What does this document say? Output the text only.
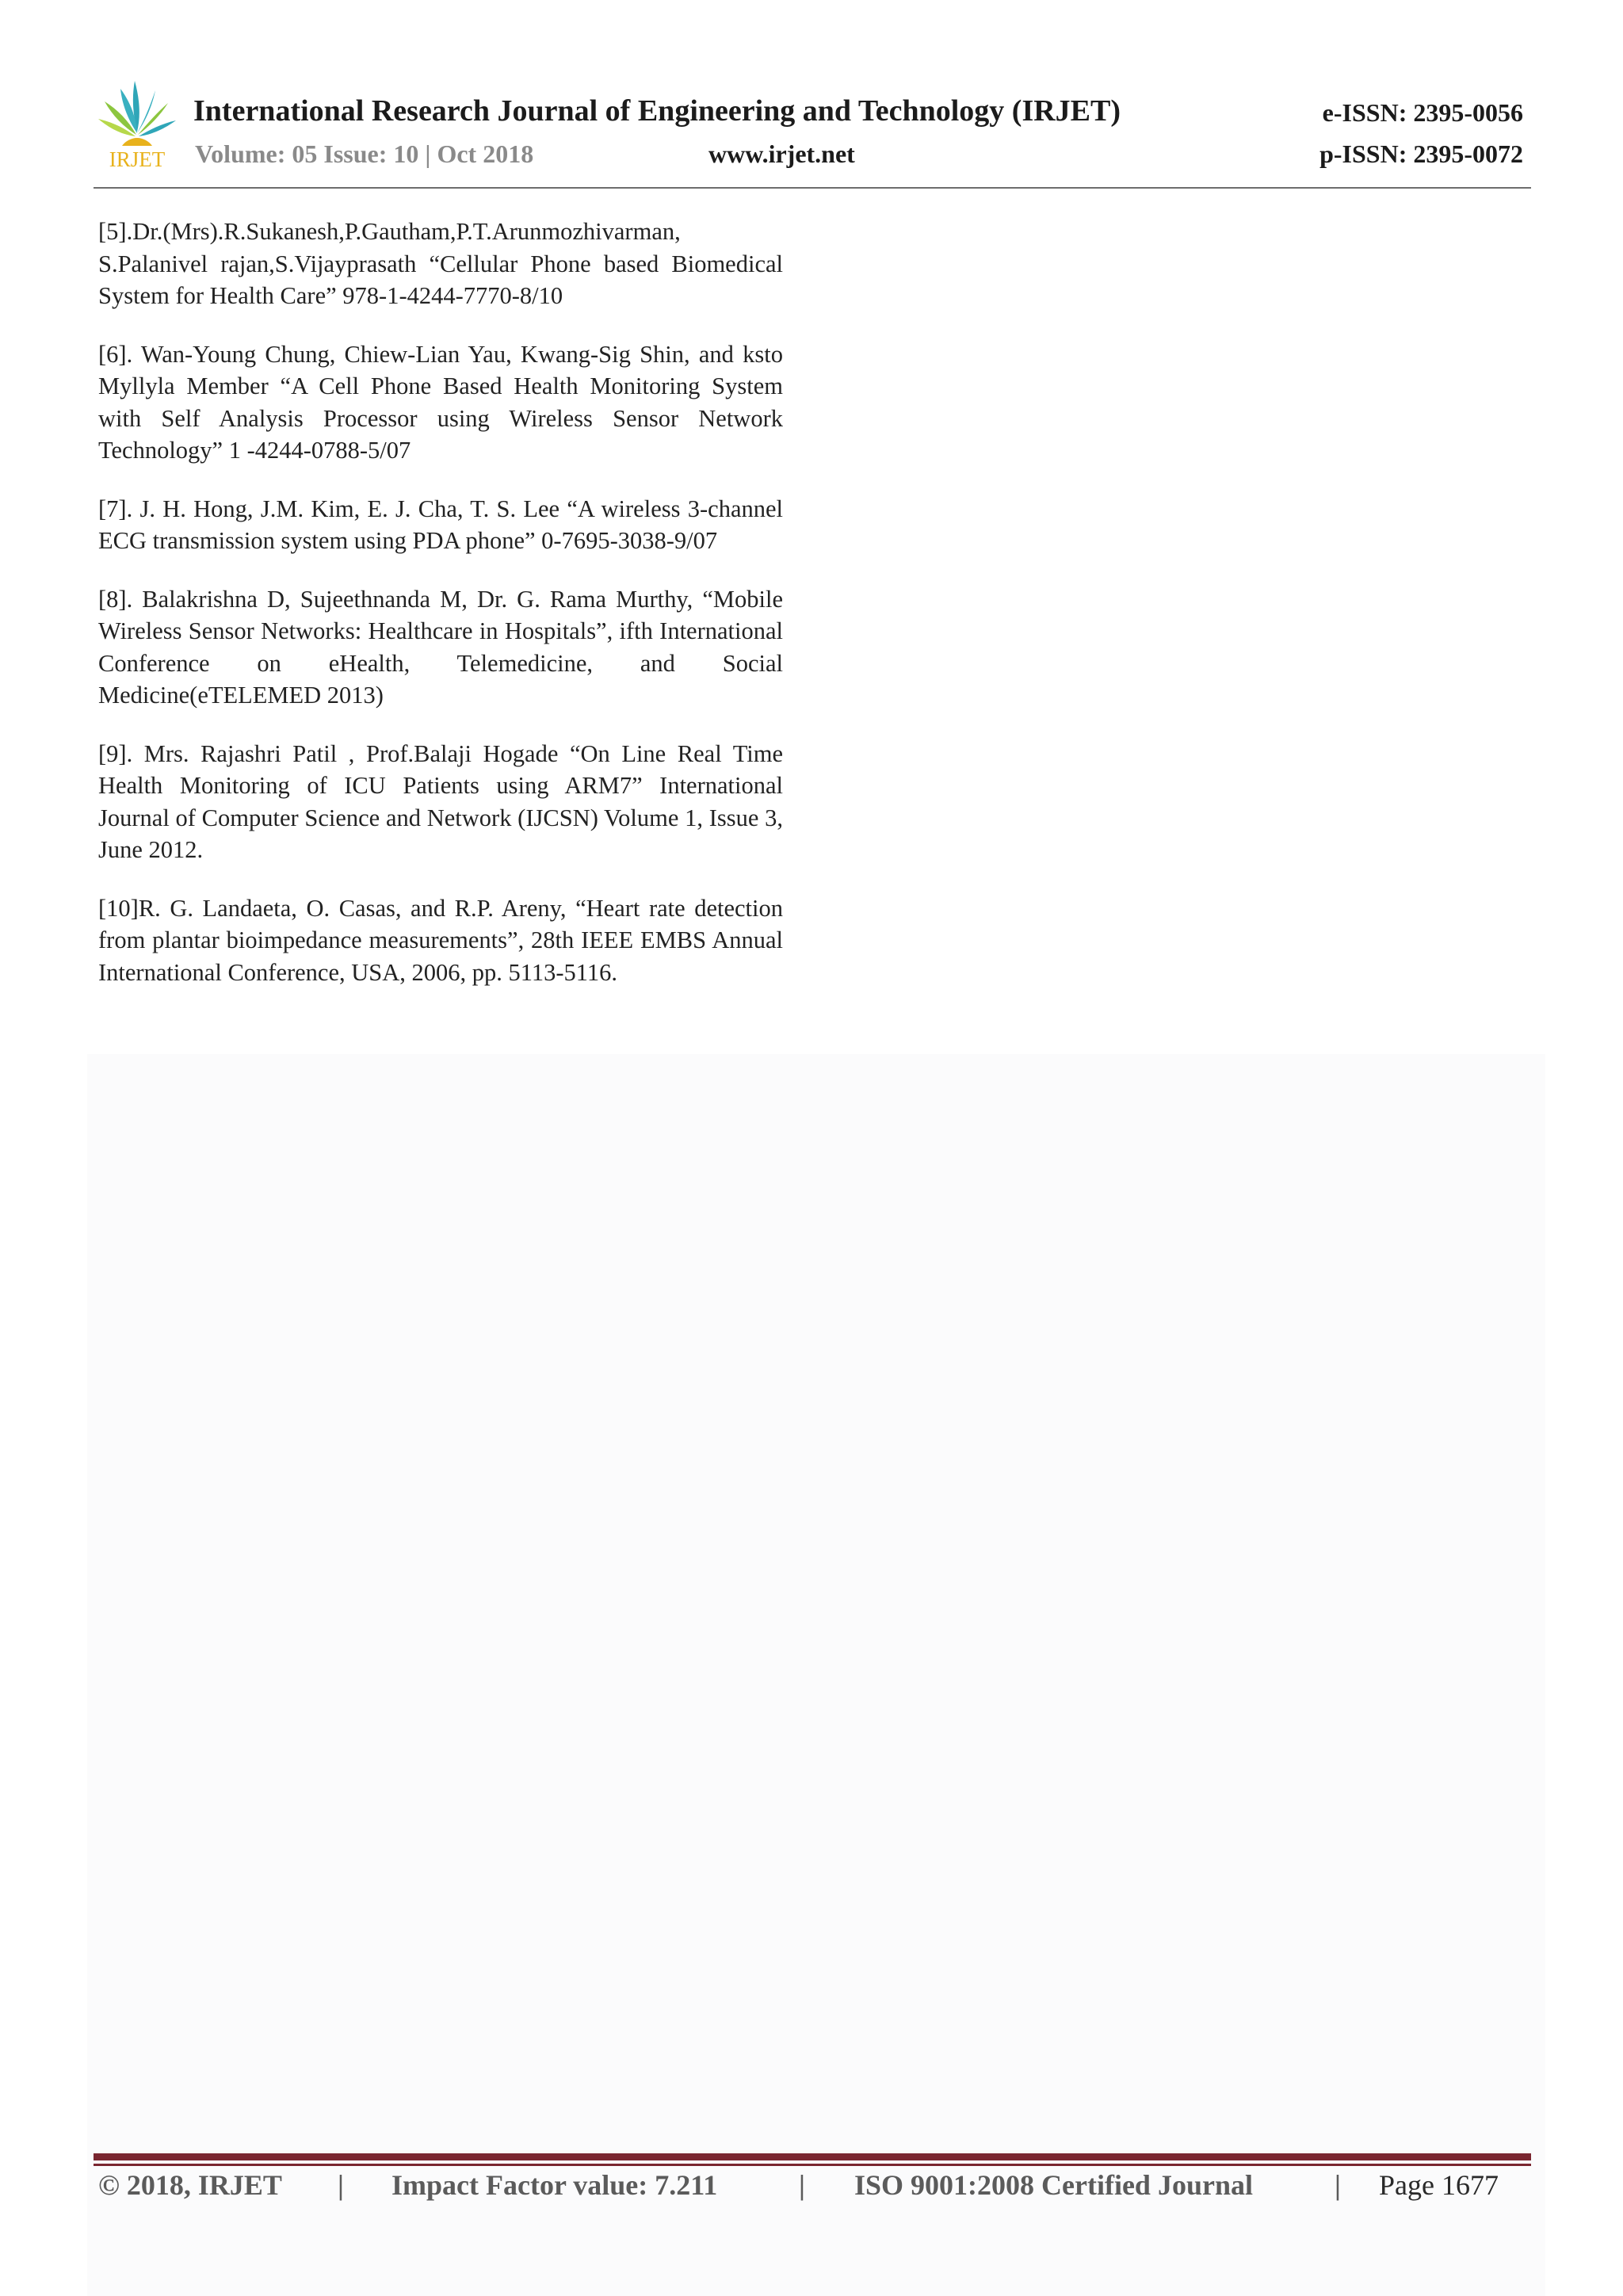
IRJET
International Research Journal of Engineering and Technology (IRJET)
Volume: 05 Issue: 10 | Oct 2018	www.irjet.net
e-ISSN: 2395-0056
p-ISSN: 2395-0072

[5].Dr.(Mrs).R.Sukanesh,P.Gautham,P.T.Arunmozhivarman, S.Palanivel rajan,S.Vijayprasath “Cellular Phone based Biomedical System for Health Care” 978-1-4244-7770-8/10

[6]. Wan-Young Chung, Chiew-Lian Yau, Kwang-Sig Shin, and ksto Myllyla Member “A Cell Phone Based Health Monitoring System with Self Analysis Processor using Wireless Sensor Network Technology” 1 -4244-0788-5/07

[7]. J. H. Hong, J.M. Kim, E. J. Cha, T. S. Lee “A wireless 3-channel ECG transmission system using PDA phone” 0-7695-3038-9/07

[8]. Balakrishna D, Sujeethnanda M, Dr. G. Rama Murthy, “Mobile Wireless Sensor Networks: Healthcare in Hospitals”, ifth International Conference on eHealth, Telemedicine, and Social Medicine(eTELEMED 2013)

[9]. Mrs. Rajashri Patil , Prof.Balaji Hogade “On Line Real Time Health Monitoring of ICU Patients using ARM7” International Journal of Computer Science and Network (IJCSN) Volume 1, Issue 3, June 2012.

[10]R. G. Landaeta, O. Casas, and R.P. Areny, “Heart rate detection from plantar bioimpedance measurements”, 28th IEEE EMBS Annual International Conference, USA, 2006, pp. 5113-5116.

© 2018, IRJET | Impact Factor value: 7.211	| ISO 9001:2008 Certified Journal	| Page 1677
